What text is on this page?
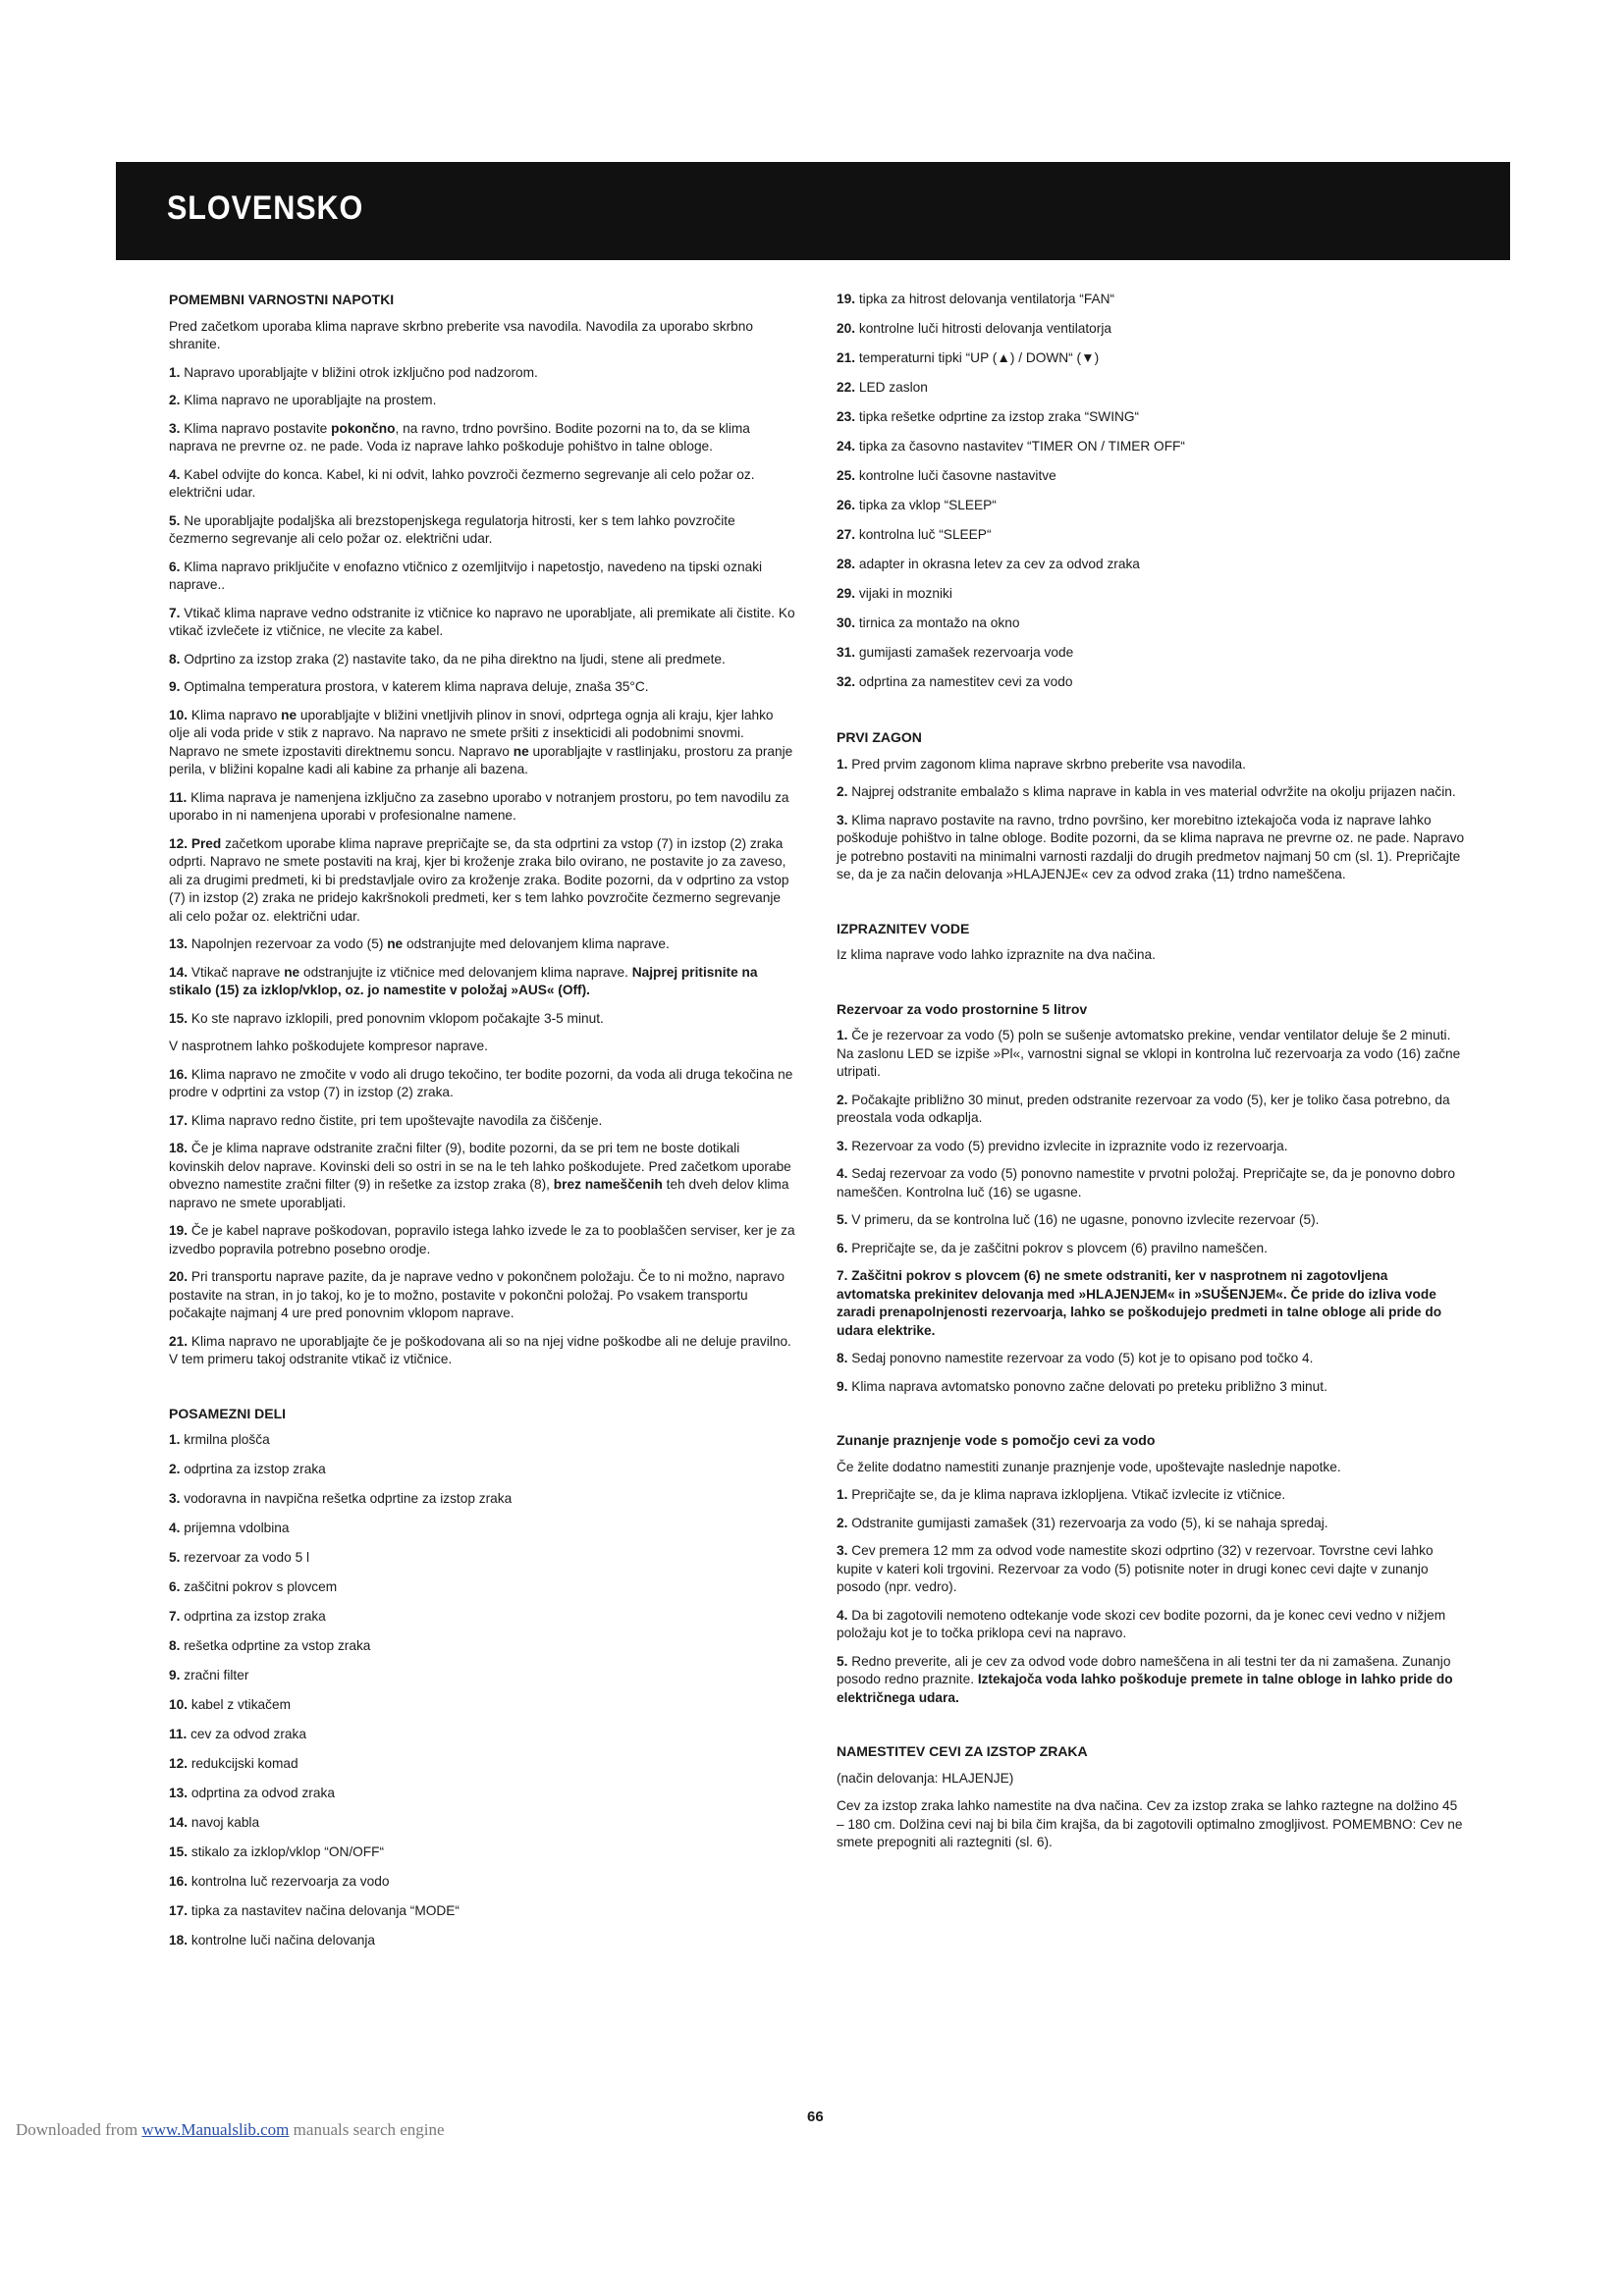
SLOVENSKO
POMEMBNI VARNOSTNI NAPOTKI
Pred začetkom uporaba klima naprave skrbno preberite vsa navodila. Navodila za uporabo skrbno shranite.
1. Napravo uporabljajte v bližini otrok izključno pod nadzorom.
2. Klima napravo ne uporabljajte na prostem.
3. Klima napravo postavite pokončno, na ravno, trdno površino. Bodite pozorni na to, da se klima naprava ne prevrne oz. ne pade. Voda iz naprave lahko poškoduje pohištvo in talne obloge.
4. Kabel odvijte do konca. Kabel, ki ni odvit, lahko povzroči čezmerno segrevanje ali celo požar oz. električni udar.
5. Ne uporabljajte podaljška ali brezstopenjskega regulatorja hitrosti, ker s tem lahko povzročite čezmerno segrevanje ali celo požar oz. električni udar.
6. Klima napravo priključite v enofazno vtičnico z ozemljitvijo i napetostjo, navedeno na tipski oznaki naprave..
7. Vtikač klima naprave vedno odstranite iz vtičnice ko napravo ne uporabljate, ali premikate ali čistite. Ko vtikač izvlečete iz vtičnice, ne vlecite za kabel.
8. Odprtino za izstop zraka (2) nastavite tako, da ne piha direktno na ljudi, stene ali predmete.
9. Optimalna temperatura prostora, v katerem klima naprava deluje, znaša 35°C.
10. Klima napravo ne uporabljajte v bližini vnetljivih plinov in snovi, odprtega ognja ali kraju, kjer lahko olje ali voda pride v stik z napravo. Na napravo ne smete pršiti z insekticidi ali podobnimi snovmi. Napravo ne smete izpostaviti direktnemu soncu. Napravo ne uporabljajte v rastlinjaku, prostoru za pranje perila, v bližini kopalne kadi ali kabine za prhanje ali bazena.
11. Klima naprava je namenjena izključno za zasebno uporabo v notranjem prostoru, po tem navodilu za uporabo in ni namenjena uporabi v profesionalne namene.
12. Pred začetkom uporabe klima naprave prepričajte se, da sta odprtini za vstop (7) in izstop (2) zraka odprti. Napravo ne smete postaviti na kraj, kjer bi kroženje zraka bilo ovirano, ne postavite jo za zaveso, ali za drugimi predmeti, ki bi predstavljale oviro za kroženje zraka. Bodite pozorni, da v odprtino za vstop (7) in izstop (2) zraka ne pridejo kakršnokoli predmeti, ker s tem lahko povzročite čezmerno segrevanje ali celo požar oz. električni udar.
13. Napolnjen rezervoar za vodo (5) ne odstranjujte med delovanjem klima naprave.
14. Vtikač naprave ne odstranjujte iz vtičnice med delovanjem klima naprave. Najprej pritisnite na stikalo (15) za izklop/vklop, oz. jo namestite v položaj »AUS« (Off).
15. Ko ste napravo izklopili, pred ponovnim vklopom počakajte 3-5 minut.
V nasprotnem lahko poškodujete kompresor naprave.
16. Klima napravo ne zmočite v vodo ali drugo tekočino, ter bodite pozorni, da voda ali druga tekočina ne prodre v odprtini za vstop (7) in izstop (2) zraka.
17. Klima napravo redno čistite, pri tem upoštevajte navodila za čiščenje.
18. Če je klima naprave odstranite zračni filter (9), bodite pozorni, da se pri tem ne boste dotikali kovinskih delov naprave. Kovinski deli so ostri in se na le teh lahko poškodujete. Pred začetkom uporabe obvezno namestite zračni filter (9) in rešetke za izstop zraka (8), brez nameščenih teh dveh delov klima napravo ne smete uporabljati.
19. Če je kabel naprave poškodovan, popravilo istega lahko izvede le za to pooblaščen serviser, ker je za izvedbo popravila potrebno posebno orodje.
20. Pri transportu naprave pazite, da je naprave vedno v pokončnem položaju. Če to ni možno, napravo postavite na stran, in jo takoj, ko je to možno, postavite v pokončni položaj. Po vsakem transportu počakajte najmanj 4 ure pred ponovnim vklopom naprave.
21. Klima napravo ne uporabljajte če je poškodovana ali so na njej vidne poškodbe ali ne deluje pravilno. V tem primeru takoj odstranite vtikač iz vtičnice.
POSAMEZNI DELI
1. krmilna plošča
2. odprtina za izstop zraka
3. vodoravna in navpična rešetka odprtine za izstop zraka
4. prijemna vdolbina
5. rezervoar za vodo 5 l
6. zaščitni pokrov s plovcem
7. odprtina za izstop zraka
8. rešetka odprtine za vstop zraka
9. zračni filter
10. kabel z vtikačem
11. cev za odvod zraka
12. redukcijski komad
13. odprtina za odvod zraka
14. navoj kabla
15. stikalo za izklop/vklop “ON/OFF“
16. kontrolna luč rezervoarja za vodo
17. tipka za nastavitev načina delovanja “MODE“
18. kontrolne luči načina delovanja
19. tipka za hitrost delovanja ventilatorja “FAN“
20. kontrolne luči hitrosti delovanja ventilatorja
21. temperaturni tipki “UP (▲) / DOWN“ (▼)
22. LED zaslon
23. tipka rešetke odprtine za izstop zraka “SWING“
24. tipka za časovno nastavitev “TIMER ON / TIMER OFF“
25. kontrolne luči časovne nastavitve
26. tipka za vklop “SLEEP“
27. kontrolna luč “SLEEP“
28. adapter in okrasna letev za cev za odvod zraka
29. vijaki in mozniki
30. tirnica za montažo na okno
31. gumijasti zamašek rezervoarja vode
32. odprtina za namestitev cevi za vodo
PRVI ZAGON
1. Pred prvim zagonom klima naprave skrbno preberite vsa navodila.
2. Najprej odstranite embalažo s klima naprave in kabla in ves material odvržite na okolju prijazen način.
3. Klima napravo postavite na ravno, trdno površino, ker morebitno iztekajoča voda iz naprave lahko poškoduje pohištvo in talne obloge. Bodite pozorni, da se klima naprava ne prevrne oz. ne pade. Napravo je potrebno postaviti na minimalni varnosti razdalji do drugih predmetov najmanj 50 cm (sl. 1). Prepričajte se, da je za način delovanja »HLAJENJE« cev za odvod zraka (11) trdno nameščena.
IZPRAZNITEV VODE
Iz klima naprave vodo lahko izpraznite na dva načina.
Rezervoar za vodo prostornine 5 litrov
1. Če je rezervoar za vodo (5) poln se sušenje avtomatsko prekine, vendar ventilator deluje še 2 minuti. Na zaslonu LED se izpiše »Pl«, varnostni signal se vklopi in kontrolna luč rezervoarja za vodo (16) začne utripati.
2. Počakajte približno 30 minut, preden odstranite rezervoar za vodo (5), ker je toliko časa potrebno, da preostala voda odkaplja.
3. Rezervoar za vodo (5) previdno izvlecite in izpraznite vodo iz rezervoarja.
4. Sedaj rezervoar za vodo (5) ponovno namestite v prvotni položaj. Prepričajte se, da je ponovno dobro nameščen. Kontrolna luč (16) se ugasne.
5. V primeru, da se kontrolna luč (16) ne ugasne, ponovno izvlecite rezervoar (5).
6. Prepričajte se, da je zaščitni pokrov s plovcem (6) pravilno nameščen.
7. Zaščitni pokrov s plovcem (6) ne smete odstraniti, ker v nasprotnem ni zagotovljena avtomatska prekinitev delovanja med »HLAJENJEM« in »SUŠENJEM«. Če pride do izliva vode zaradi prenapolnjenosti rezervoarja, lahko se poškodujejo predmeti in talne obloge ali pride do udara elektrike.
8. Sedaj ponovno namestite rezervoar za vodo (5) kot je to opisano pod točko 4.
9. Klima naprava avtomatsko ponovno začne delovati po preteku približno 3 minut.
Zunanje praznjenje vode s pomočjo cevi za vodo
Če želite dodatno namestiti zunanje praznjenje vode, upoštevajte naslednje napotke.
1. Prepričajte se, da je klima naprava izklopljena. Vtikač izvlecite iz vtičnice.
2. Odstranite gumijasti zamašek (31) rezervoarja za vodo (5), ki se nahaja spredaj.
3. Cev premera 12 mm za odvod vode namestite skozi odprtino (32) v rezervoar. Tovrstne cevi lahko kupite v kateri koli trgovini. Rezervoar za vodo (5) potisnite noter in drugi konec cevi dajte v zunanjo posodo (npr. vedro).
4. Da bi zagotovili nemoteno odtekanje vode skozi cev bodite pozorni, da je konec cevi vedno v nižjem položaju kot je to točka priklopa cevi na napravo.
5. Redno preverite, ali je cev za odvod vode dobro nameščena in ali testni ter da ni zamašena. Zunanjo posodo redno praznite. Iztekajoča voda lahko poškoduje premete in talne obloge in lahko pride do električnega udara.
NAMESTITEV CEVI ZA IZSTOP ZRAKA
(način delovanja: HLAJENJE)
Cev za izstop zraka lahko namestite na dva načina. Cev za izstop zraka se lahko raztegne na dolžino 45 – 180 cm. Dolžina cevi naj bi bila čim krajša, da bi zagotovili optimalno zmogljivost. POMEMBNO: Cev ne smete prepogniti ali raztegniti (sl. 6).
66
Downloaded from www.Manualslib.com manuals search engine
